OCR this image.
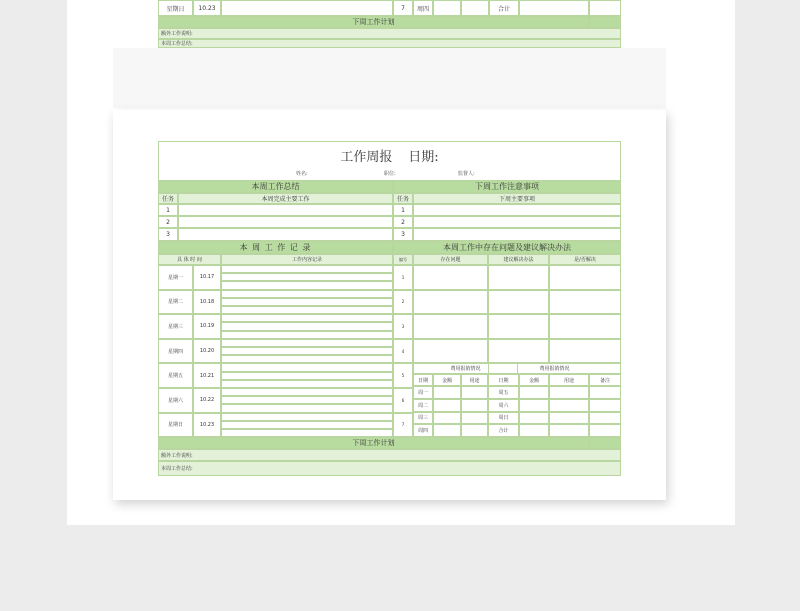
星期日	10.23	7	周四	合计
下周工作计划
额外工作说明:
本周工作总结:
工作周报 日期:
姓名:	职位:	监督人:
本周工作总结	下周工作注意事项
任务	本周完成主要工作	任务	下周主要事项
1	1
2	2
3	3
本 周 工 作 记 录	本周工作中存在问题及建议解决办法
具 体 时 间	工作内容记录	编号	存在问题	建议解决办法	是/否解决
星期一	10.17	1
星期二	10.18	2
星期三	10.19	3
星期四	10.20	4
星期五	10.21	5
星期六	10.22	6
星期日	10.23	7
费用报销情况	费用报销情况
日期	金额	用途	日期	金额	用途	备注
周一	周五
周二	周六
周三	周日
周四	合计
下周工作计划
额外工作说明:
本周工作总结:
